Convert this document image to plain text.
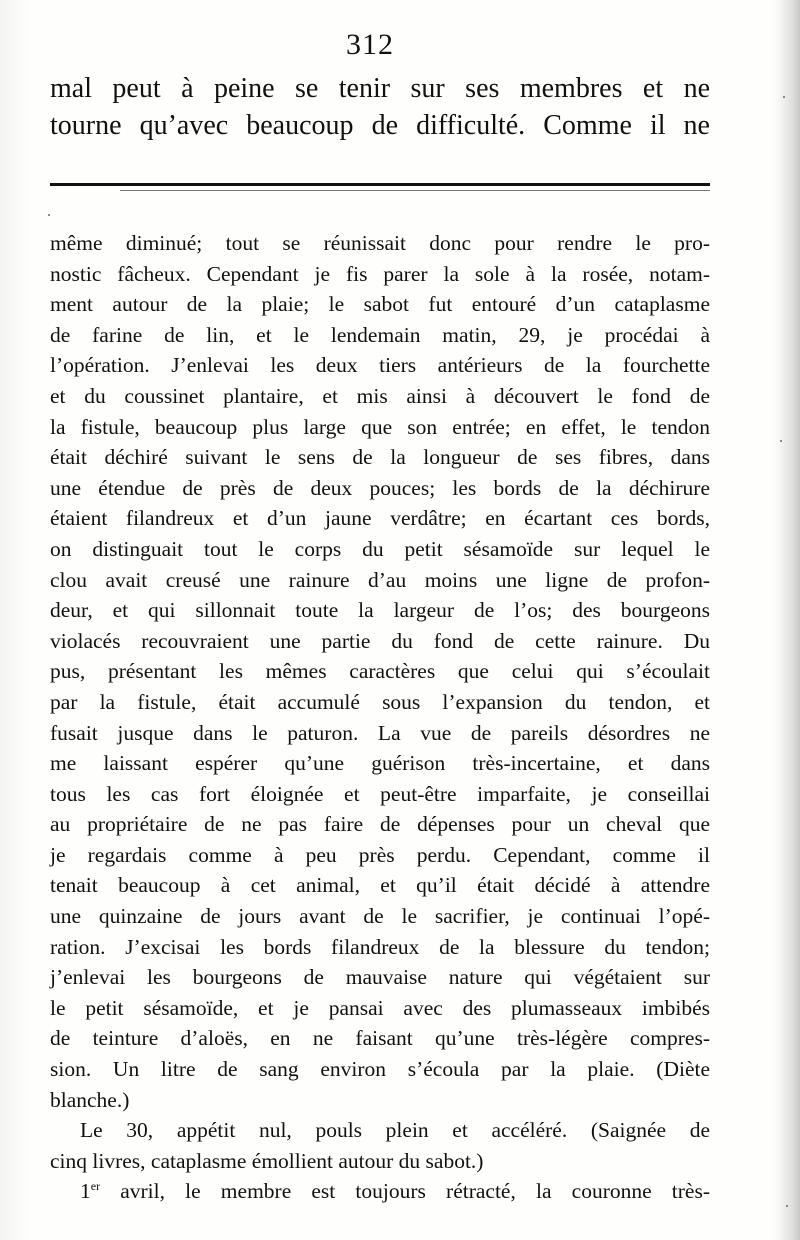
312
mal peut à peine se tenir sur ses membres et ne
tourne qu’avec beaucoup de difficulté. Comme il ne
même diminué; tout se réunissait donc pour rendre le pro-
nostic fâcheux. Cependant je fis parer la sole à la rosée, notam-
ment autour de la plaie; le sabot fut entouré d’un cataplasme
de farine de lin, et le lendemain matin, 29, je procédai à
l’opération. J’enlevai les deux tiers antérieurs de la fourchette
et du coussinet plantaire, et mis ainsi à découvert le fond de
la fistule, beaucoup plus large que son entrée; en effet, le tendon
était déchiré suivant le sens de la longueur de ses fibres, dans
une étendue de près de deux pouces; les bords de la déchirure
étaient filandreux et d’un jaune verdâtre; en écartant ces bords,
on distinguait tout le corps du petit sésamoïde sur lequel le
clou avait creusé une rainure d’au moins une ligne de profon-
deur, et qui sillonnait toute la largeur de l’os; des bourgeons
violacés recouvraient une partie du fond de cette rainure. Du
pus, présentant les mêmes caractères que celui qui s’écoulait
par la fistule, était accumulé sous l’expansion du tendon, et
fusait jusque dans le paturon. La vue de pareils désordres ne
me laissant espérer qu’une guérison très-incertaine, et dans
tous les cas fort éloignée et peut-être imparfaite, je conseillai
au propriétaire de ne pas faire de dépenses pour un cheval que
je regardais comme à peu près perdu. Cependant, comme il
tenait beaucoup à cet animal, et qu’il était décidé à attendre
une quinzaine de jours avant de le sacrifier, je continuai l’opé-
ration. J’excisai les bords filandreux de la blessure du tendon;
j’enlevai les bourgeons de mauvaise nature qui végétaient sur
le petit sésamoïde, et je pansai avec des plumasseaux imbibés
de teinture d’aloës, en ne faisant qu’une très-légère compres-
sion. Un litre de sang environ s’écoula par la plaie. (Diète
blanche.)
Le 30, appétit nul, pouls plein et accéléré. (Saignée de
cinq livres, cataplasme émollient autour du sabot.)
1er avril, le membre est toujours rétracté, la couronne très-
